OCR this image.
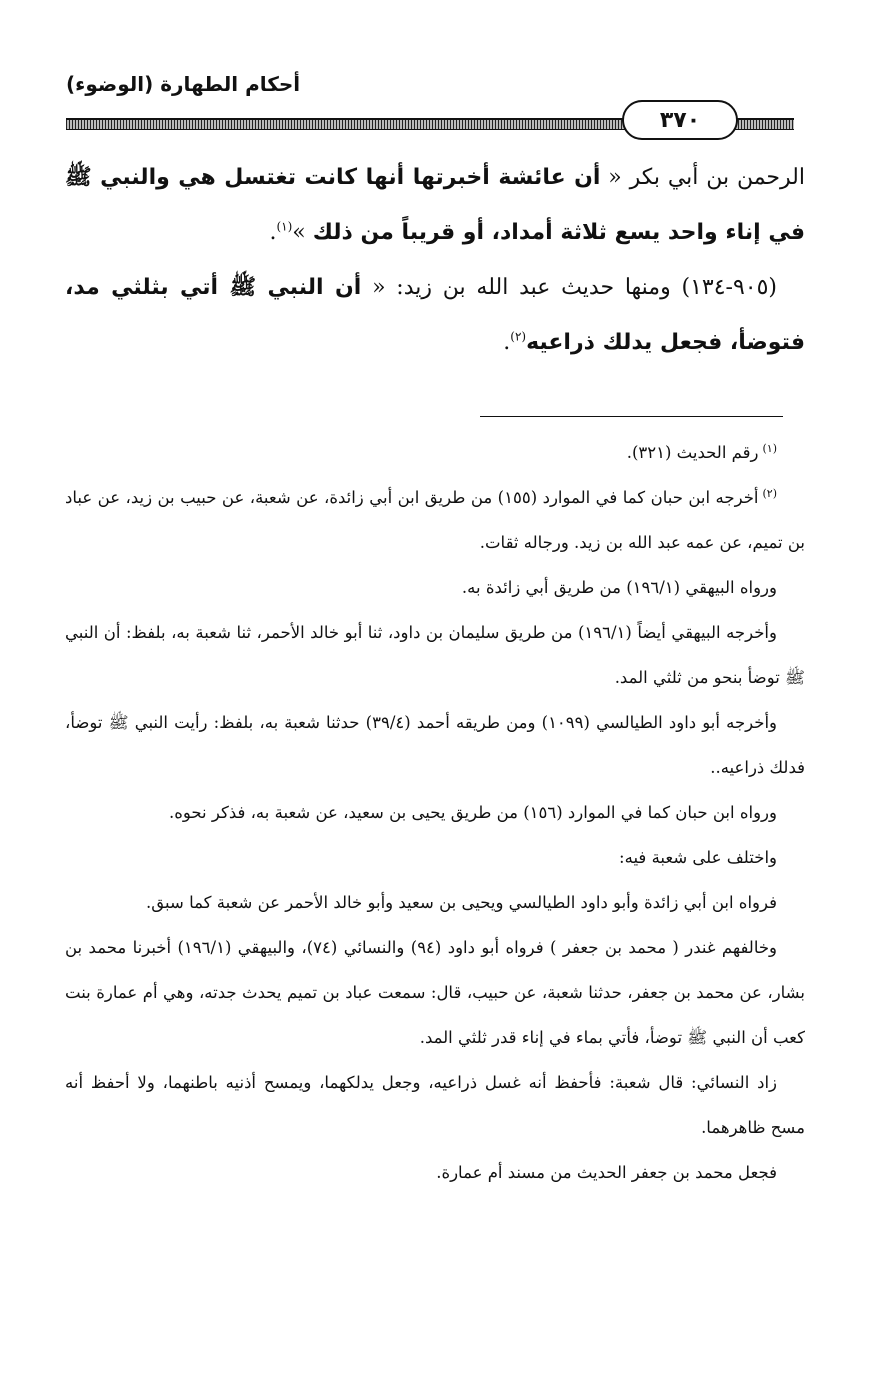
أحكام الطهارة (الوضوء)
٣٧٠

الرحمن بن أبي بكر « أن عائشة أخبرتها أنها كانت تغتسل هي والنبي ﷺ في إناء واحد يسع ثلاثة أمداد، أو قريباً من ذلك »$^{(١)}$.

(٩٠٥-١٣٤) ومنها حديث عبد الله بن زيد: « أن النبي ﷺ أتي بثلثي مد، فتوضأ، فجعل يدلك ذراعيه$^{(٢)}$.

$^{(١)}$رقم الحديث (٣٢١).

$^{(٢)}$أخرجه ابن حبان كما في الموارد (١٥٥) من طريق ابن أبي زائدة، عن شعبة، عن حبيب بن زيد، عن عباد بن تميم، عن عمه عبد الله بن زيد. ورجاله ثقات.

ورواه البيهقي (١٩٦/١) من طريق أبي زائدة به.

وأخرجه البيهقي أيضاً (١٩٦/١) من طريق سليمان بن داود، ثنا أبو خالد الأحمر، ثنا شعبة به، بلفظ: أن النبي ﷺ توضأ بنحو من ثلثي المد.

وأخرجه أبو داود الطيالسي (١٠٩٩) ومن طريقه أحمد (٣٩/٤) حدثنا شعبة به، بلفظ: رأيت النبي ﷺ توضأ، فدلك ذراعيه..

ورواه ابن حبان كما في الموارد (١٥٦) من طريق يحيى بن سعيد، عن شعبة به، فذكر نحوه.

واختلف على شعبة فيه:

فرواه ابن أبي زائدة وأبو داود الطيالسي ويحيى بن سعيد وأبو خالد الأحمر عن شعبة كما سبق.

وخالفهم غندر ( محمد بن جعفر ) فرواه أبو داود (٩٤) والنسائي (٧٤)، والبيهقي (١٩٦/١) أخبرنا محمد بن بشار، عن محمد بن جعفر، حدثنا شعبة، عن حبيب، قال: سمعت عباد بن تميم يحدث جدته، وهي أم عمارة بنت كعب أن النبي ﷺ توضأ، فأتي بماء في إناء قدر ثلثي المد.

زاد النسائي: قال شعبة: فأحفظ أنه غسل ذراعيه، وجعل يدلكهما، ويمسح أذنيه باطنهما، ولا أحفظ أنه مسح ظاهرهما.

فجعل محمد بن جعفر الحديث من مسند أم عمارة.
